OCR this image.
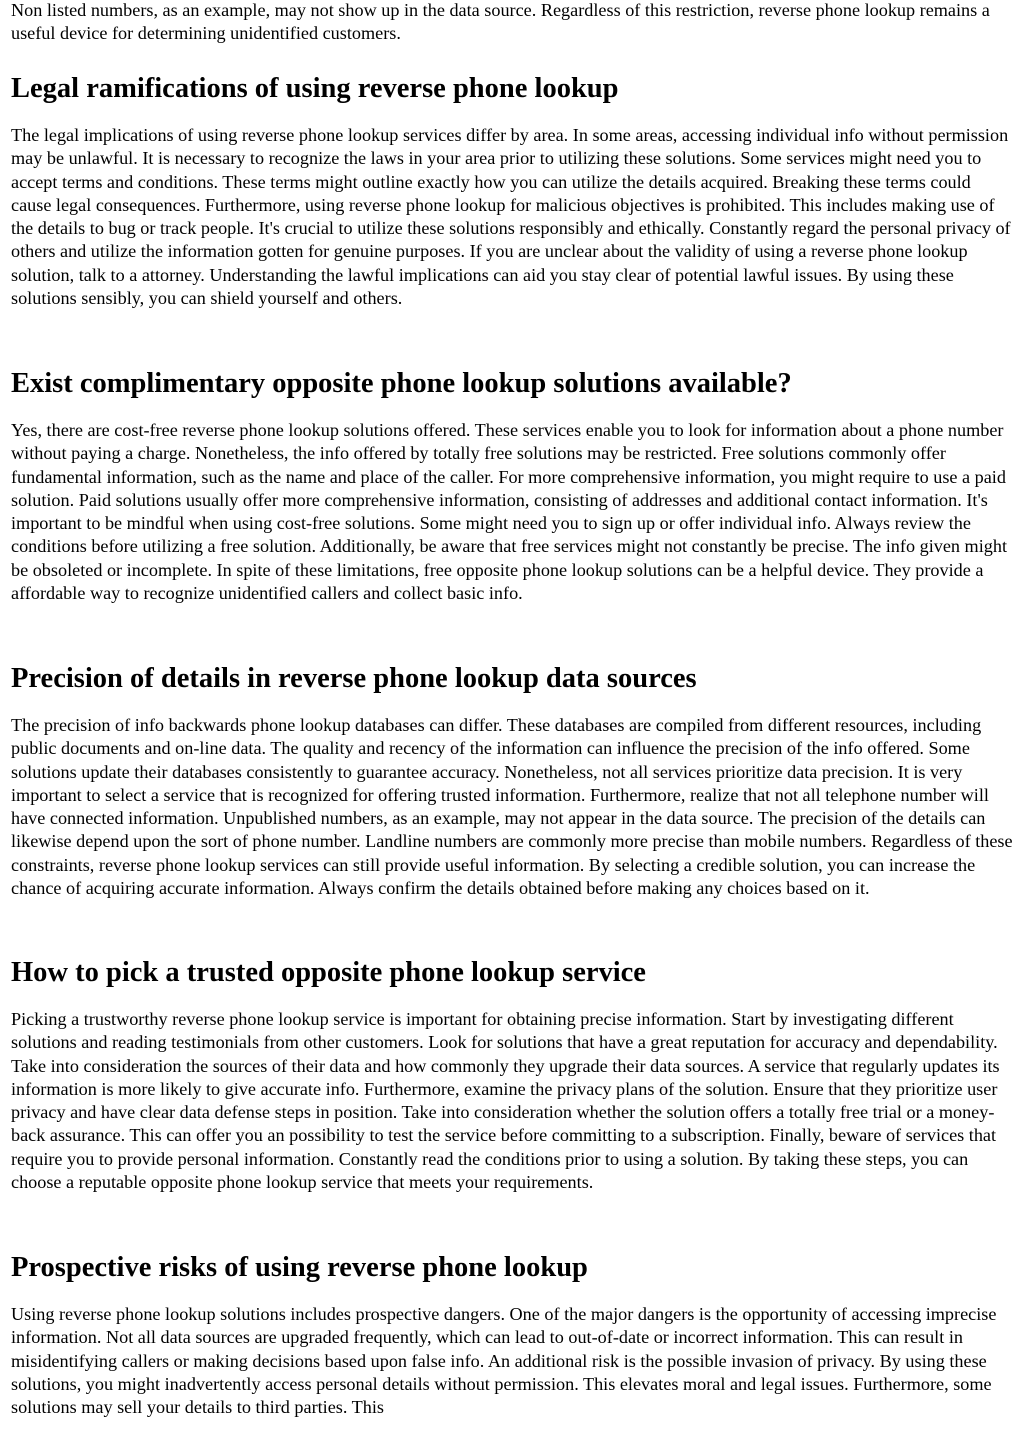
Non listed numbers, as an example, may not show up in the data source. Regardless of this restriction, reverse phone lookup remains a useful device for determining unidentified customers.

Legal ramifications of using reverse phone lookup

The legal implications of using reverse phone lookup services differ by area. In some areas, accessing individual info without permission may be unlawful. It is necessary to recognize the laws in your area prior to utilizing these solutions. Some services might need you to accept terms and conditions. These terms might outline exactly how you can utilize the details acquired. Breaking these terms could cause legal consequences. Furthermore, using reverse phone lookup for malicious objectives is prohibited. This includes making use of the details to bug or track people. It's crucial to utilize these solutions responsibly and ethically. Constantly regard the personal privacy of others and utilize the information gotten for genuine purposes. If you are unclear about the validity of using a reverse phone lookup solution, talk to a attorney. Understanding the lawful implications can aid you stay clear of potential lawful issues. By using these solutions sensibly, you can shield yourself and others.

Exist complimentary opposite phone lookup solutions available?

Yes, there are cost-free reverse phone lookup solutions offered. These services enable you to look for information about a phone number without paying a charge. Nonetheless, the info offered by totally free solutions may be restricted. Free solutions commonly offer fundamental information, such as the name and place of the caller. For more comprehensive information, you might require to use a paid solution. Paid solutions usually offer more comprehensive information, consisting of addresses and additional contact information. It's important to be mindful when using cost-free solutions. Some might need you to sign up or offer individual info. Always review the conditions before utilizing a free solution. Additionally, be aware that free services might not constantly be precise. The info given might be obsoleted or incomplete. In spite of these limitations, free opposite phone lookup solutions can be a helpful device. They provide a affordable way to recognize unidentified callers and collect basic info.

Precision of details in reverse phone lookup data sources

The precision of info backwards phone lookup databases can differ. These databases are compiled from different resources, including public documents and on-line data. The quality and recency of the information can influence the precision of the info offered. Some solutions update their databases consistently to guarantee accuracy. Nonetheless, not all services prioritize data precision. It is very important to select a service that is recognized for offering trusted information. Furthermore, realize that not all telephone number will have connected information. Unpublished numbers, as an example, may not appear in the data source. The precision of the details can likewise depend upon the sort of phone number. Landline numbers are commonly more precise than mobile numbers. Regardless of these constraints, reverse phone lookup services can still provide useful information. By selecting a credible solution, you can increase the chance of acquiring accurate information. Always confirm the details obtained before making any choices based on it.

How to pick a trusted opposite phone lookup service

Picking a trustworthy reverse phone lookup service is important for obtaining precise information. Start by investigating different solutions and reading testimonials from other customers. Look for solutions that have a great reputation for accuracy and dependability. Take into consideration the sources of their data and how commonly they upgrade their data sources. A service that regularly updates its information is more likely to give accurate info. Furthermore, examine the privacy plans of the solution. Ensure that they prioritize user privacy and have clear data defense steps in position. Take into consideration whether the solution offers a totally free trial or a money-back assurance. This can offer you an possibility to test the service before committing to a subscription. Finally, beware of services that require you to provide personal information. Constantly read the conditions prior to using a solution. By taking these steps, you can choose a reputable opposite phone lookup service that meets your requirements.

Prospective risks of using reverse phone lookup

Using reverse phone lookup solutions includes prospective dangers. One of the major dangers is the opportunity of accessing imprecise information. Not all data sources are upgraded frequently, which can lead to out-of-date or incorrect information. This can result in misidentifying callers or making decisions based upon false info. An additional risk is the possible invasion of privacy. By using these solutions, you might inadvertently access personal details without permission. This elevates moral and legal issues. Furthermore, some solutions may sell your details to third parties. This
